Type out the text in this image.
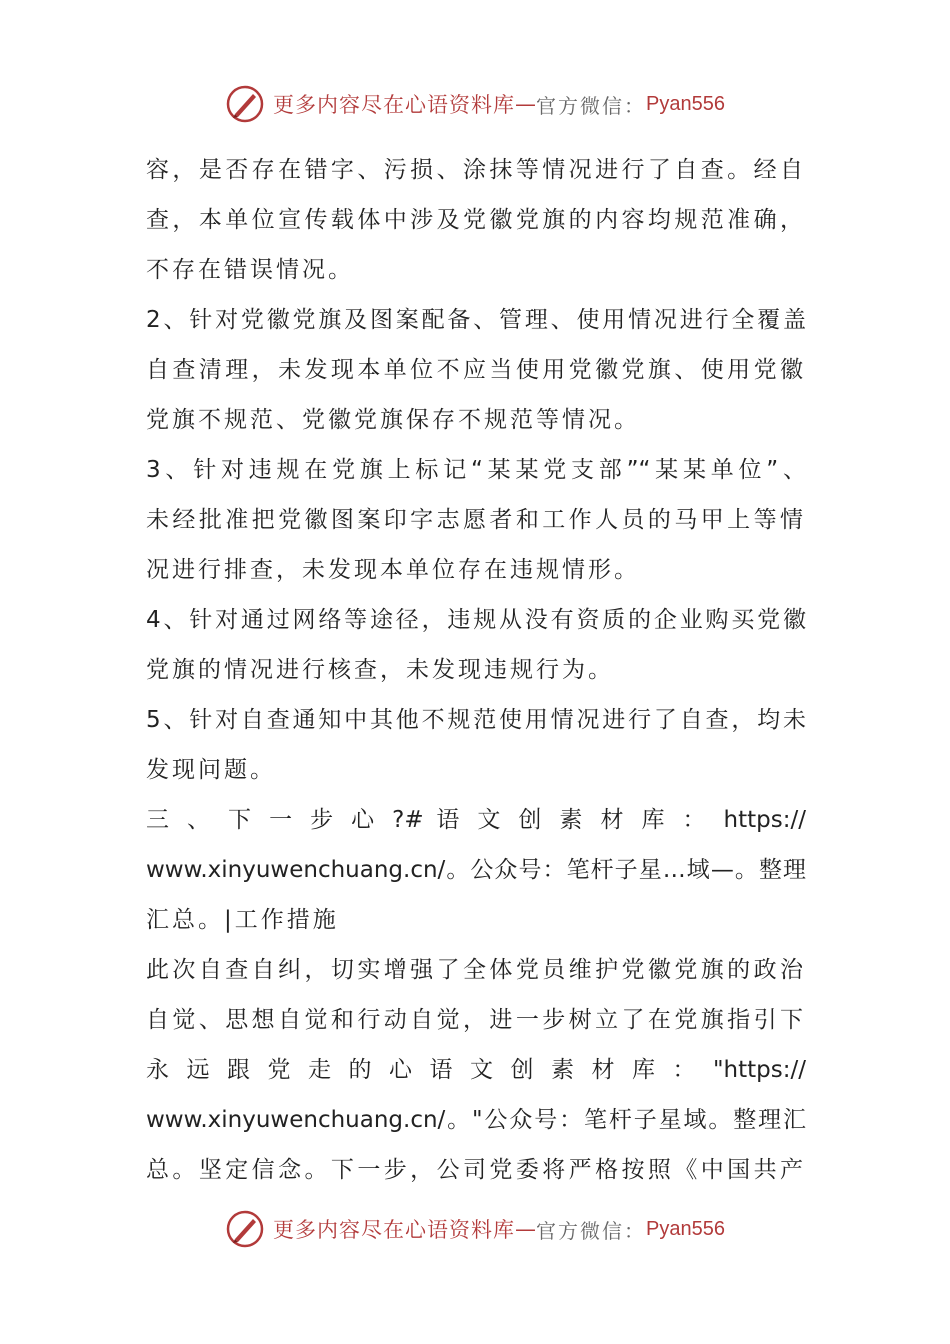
更多内容尽在心语资料库 — 官方微信： Pyan556
容，是否存在错字、污损、涂抹等情况进行了自查。经自
查，本单位宣传载体中涉及党徽党旗的内容均规范准确，
不存在错误情况。
2、针对党徽党旗及图案配备、管理、使用情况进行全覆盖
自查清理，未发现本单位不应当使用党徽党旗、使用党徽
党旗不规范、党徽党旗保存不规范等情况。
3、针对违规在党旗上标记“某某党支部”“某某单位”、
未经批准把党徽图案印字志愿者和工作人员的马甲上等情
况进行排查，未发现本单位存在违规情形。
4、针对通过网络等途径，违规从没有资质的企业购买党徽
党旗的情况进行核查，未发现违规行为。
5、针对自查通知中其他不规范使用情况进行了自查，均未
发现问题。
三 、 下 一 步 心 ?# 语 文 创 素 材 库 ： https://
www.xinyuwenchuang.cn/。公众号：笔杆子星…域—。整理
汇总。|工作措施
此次自查自纠，切实增强了全体党员维护党徽党旗的政治
自觉、思想自觉和行动自觉，进一步树立了在党旗指引下
永 远 跟 党 走 的 心 语 文 创 素 材 库 ： "https://
www.xinyuwenchuang.cn/。"公众号：笔杆子星域。整理汇
总。坚定信念。下一步，公司党委将严格按照《中国共产
更多内容尽在心语资料库 — 官方微信： Pyan556
